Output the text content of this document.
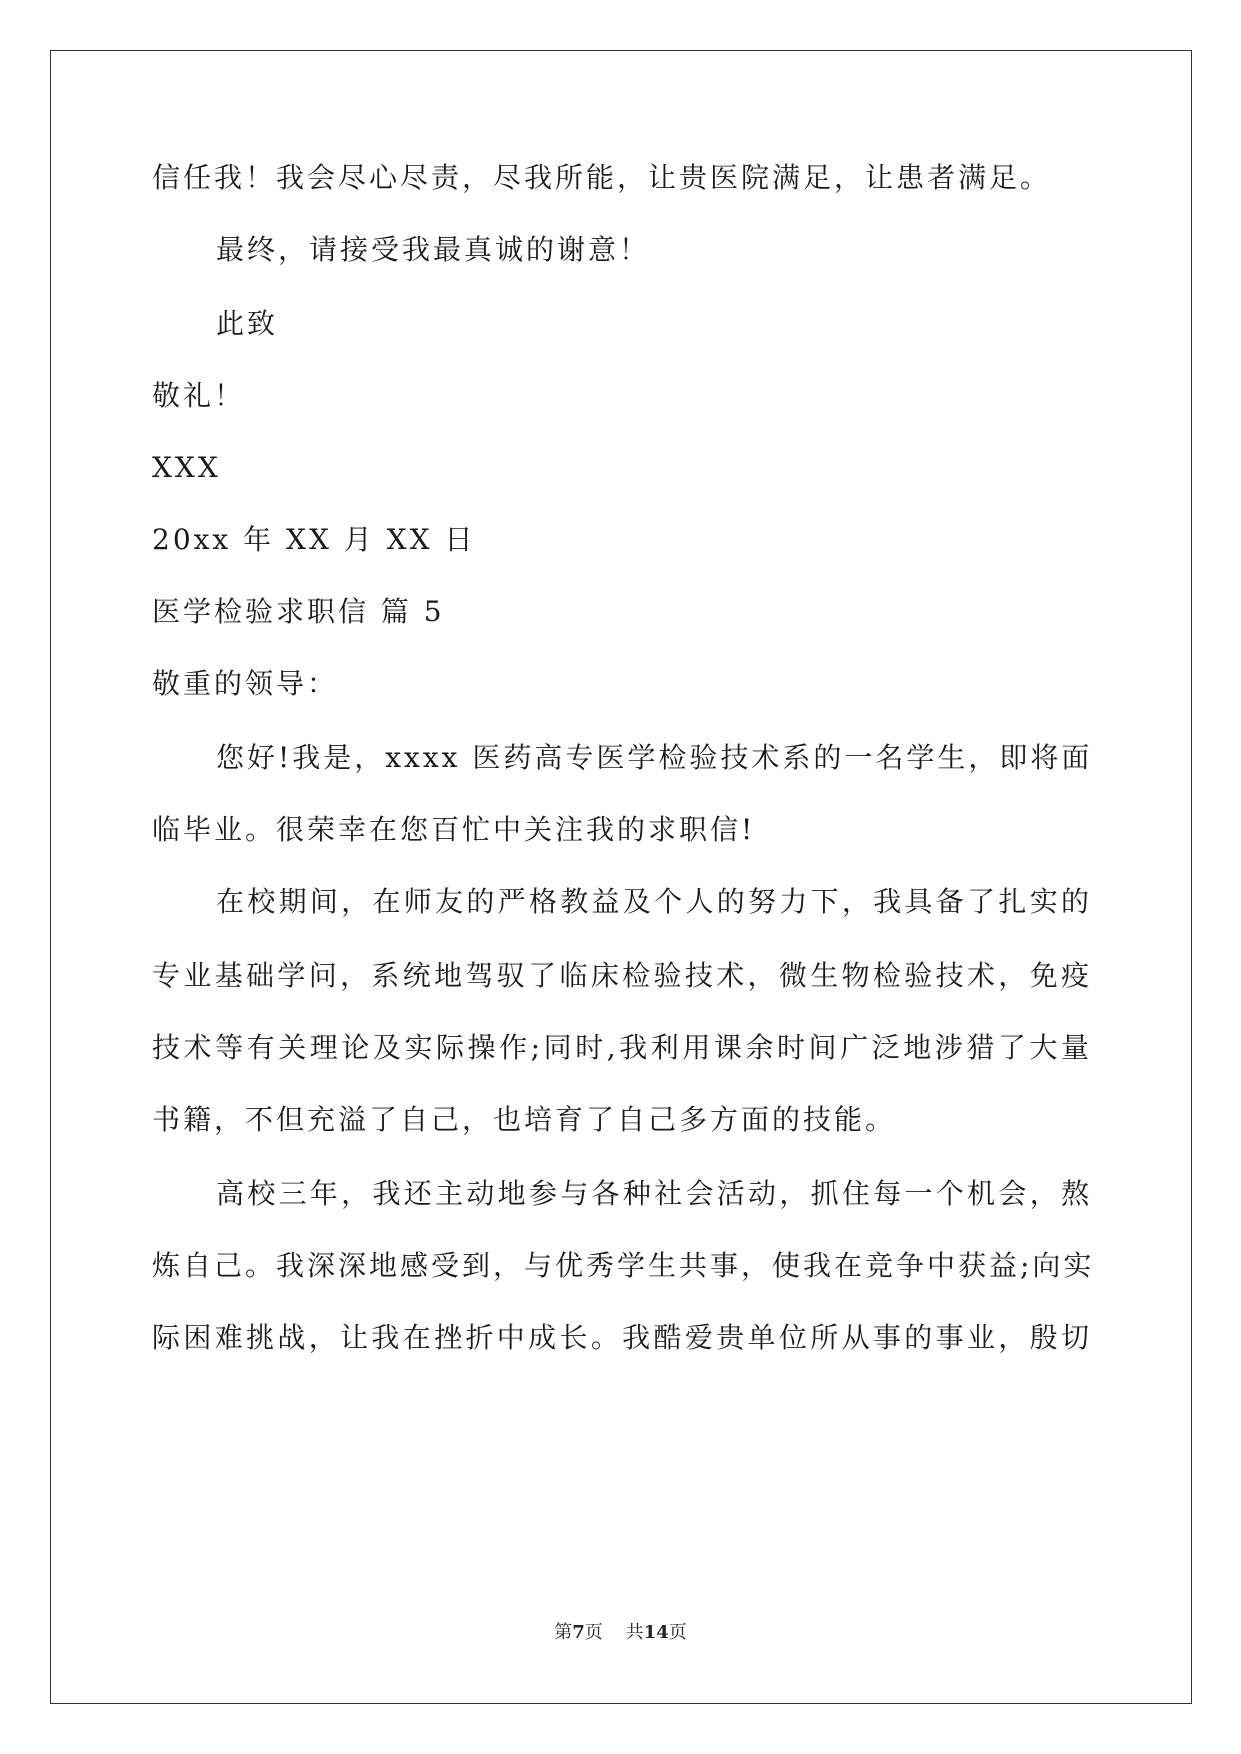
信任我！我会尽心尽责，尽我所能，让贵医院满足，让患者满足。
最终，请接受我最真诚的谢意！
此致
敬礼！
XXX
20xx 年 XX 月 XX 日
医学检验求职信 篇 5
敬重的领导：
您好!我是，xxxx 医药高专医学检验技术系的一名学生，即将面
临毕业。很荣幸在您百忙中关注我的求职信!
在校期间，在师友的严格教益及个人的努力下，我具备了扎实的
专业基础学问，系统地驾驭了临床检验技术，微生物检验技术，免疫
技术等有关理论及实际操作;同时,我利用课余时间广泛地涉猎了大量
书籍，不但充溢了自己，也培育了自己多方面的技能。
高校三年，我还主动地参与各种社会活动，抓住每一个机会，熬
炼自己。我深深地感受到，与优秀学生共事，使我在竞争中获益;向实
际困难挑战，让我在挫折中成长。我酷爱贵单位所从事的事业，殷切
第7页 共14页
